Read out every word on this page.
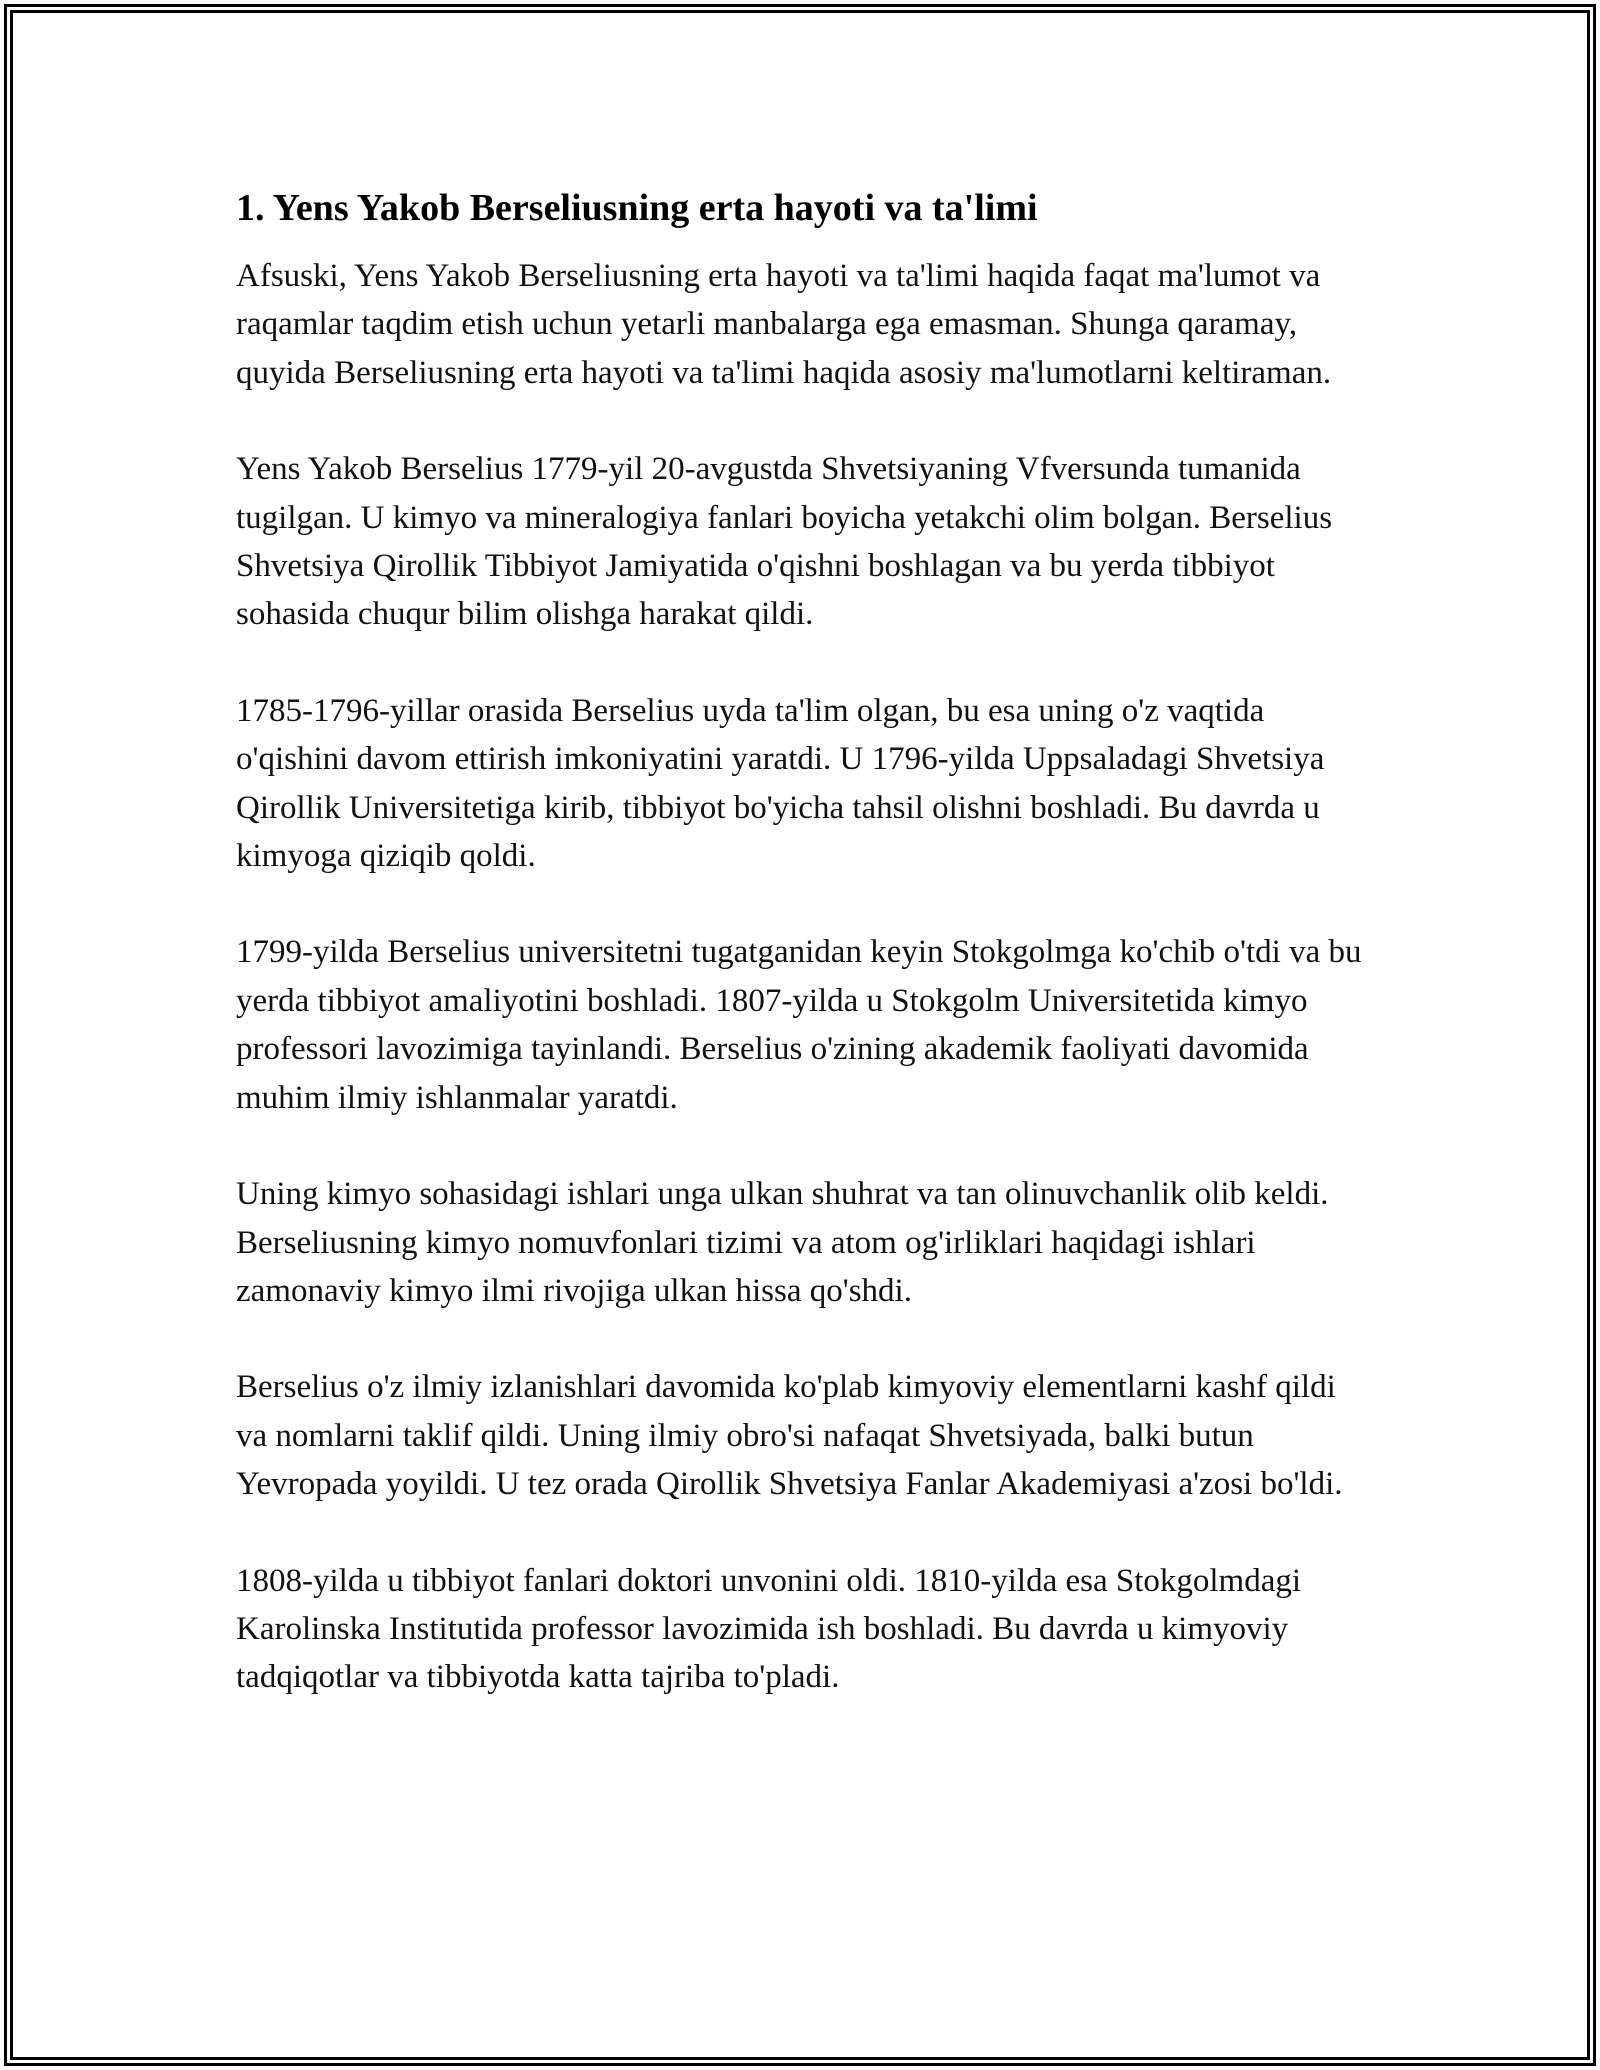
1. Yens Yakob Berseliusning erta hayoti va ta'limi

Afsuski, Yens Yakob Berseliusning erta hayoti va ta'limi haqida faqat ma'lumot va raqamlar taqdim etish uchun yetarli manbalarga ega emasman. Shunga qaramay, quyida Berseliusning erta hayoti va ta'limi haqida asosiy ma'lumotlarni keltiraman.

Yens Yakob Berselius 1779-yil 20-avgustda Shvetsiyaning Vfversunda tumanida tugilgan. U kimyo va mineralogiya fanlari boyicha yetakchi olim bolgan. Berselius Shvetsiya Qirollik Tibbiyot Jamiyatida o'qishni boshlagan va bu yerda tibbiyot sohasida chuqur bilim olishga harakat qildi.

1785-1796-yillar orasida Berselius uyda ta'lim olgan, bu esa uning o'z vaqtida o'qishini davom ettirish imkoniyatini yaratdi. U 1796-yilda Uppsaladagi Shvetsiya Qirollik Universitetiga kirib, tibbiyot bo'yicha tahsil olishni boshladi. Bu davrda u kimyoga qiziqib qoldi.

1799-yilda Berselius universitetni tugatganidan keyin Stokgolmga ko'chib o'tdi va bu yerda tibbiyot amaliyotini boshladi. 1807-yilda u Stokgolm Universitetida kimyo professori lavozimiga tayinlandi. Berselius o'zining akademik faoliyati davomida muhim ilmiy ishlanmalar yaratdi.

Uning kimyo sohasidagi ishlari unga ulkan shuhrat va tan olinuvchanlik olib keldi. Berseliusning kimyo nomuvfonlari tizimi va atom og'irliklari haqidagi ishlari zamonaviy kimyo ilmi rivojiga ulkan hissa qo'shdi.

Berselius o'z ilmiy izlanishlari davomida ko'plab kimyoviy elementlarni kashf qildi va nomlarni taklif qildi. Uning ilmiy obro'si nafaqat Shvetsiyada, balki butun Yevropada yoyildi. U tez orada Qirollik Shvetsiya Fanlar Akademiyasi a'zosi bo'ldi.

1808-yilda u tibbiyot fanlari doktori unvonini oldi. 1810-yilda esa Stokgolmdagi Karolinska Institutida professor lavozimida ish boshladi. Bu davrda u kimyoviy tadqiqotlar va tibbiyotda katta tajriba to'pladi.
